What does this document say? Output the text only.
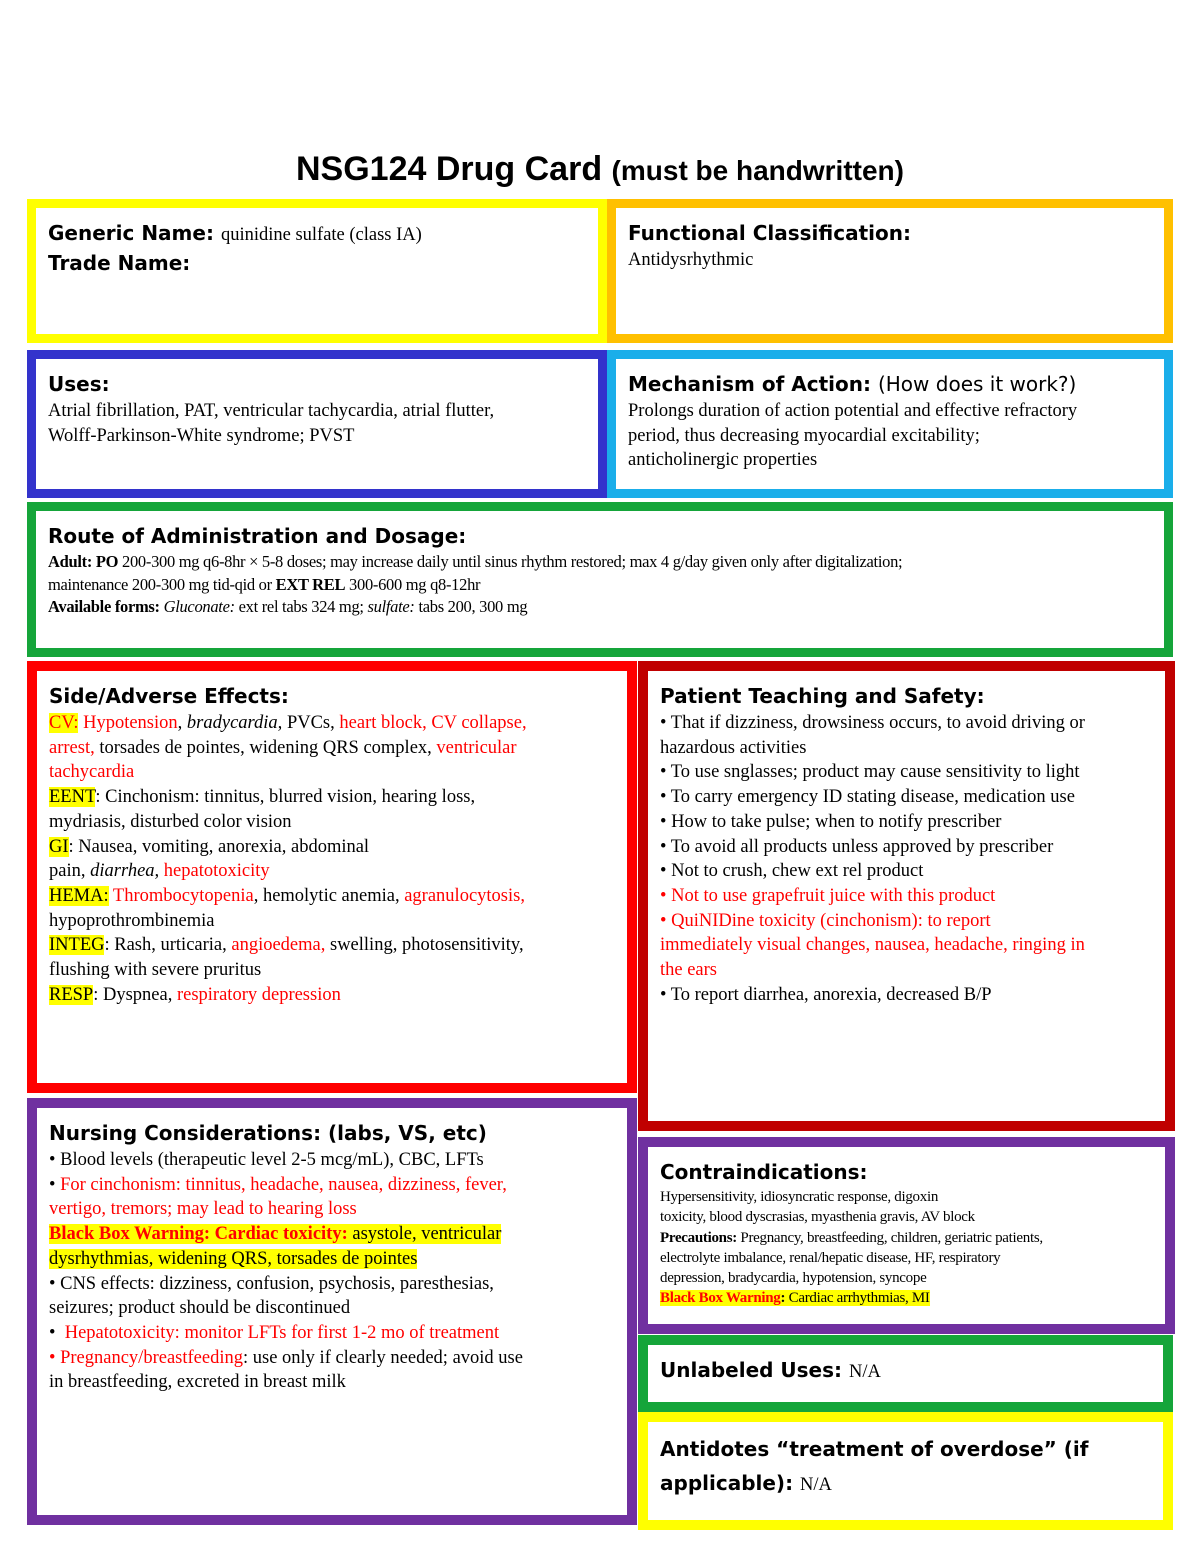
NSG124 Drug Card (must be handwritten)
Generic Name: quinidine sulfate (class IA)
Trade Name:
Functional Classification:
Antidysrhythmic
Uses:
Atrial fibrillation, PAT, ventricular tachycardia, atrial flutter,
Wolff-Parkinson-White syndrome; PVST
Mechanism of Action: (How does it work?)
Prolongs duration of action potential and effective refractory
period, thus decreasing myocardial excitability;
anticholinergic properties
Route of Administration and Dosage:
Adult: PO 200-300 mg q6-8hr × 5-8 doses; may increase daily until sinus rhythm restored; max 4 g/day given only after digitalization;
maintenance 200-300 mg tid-qid or EXT REL 300-600 mg q8-12hr
Available forms: Gluconate: ext rel tabs 324 mg; sulfate: tabs 200, 300 mg
Side/Adverse Effects:
CV: Hypotension, bradycardia, PVCs, heart block, CV collapse,
arrest, torsades de pointes, widening QRS complex, ventricular
tachycardia
EENT: Cinchonism: tinnitus, blurred vision, hearing loss,
mydriasis, disturbed color vision
GI: Nausea, vomiting, anorexia, abdominal
pain, diarrhea, hepatotoxicity
HEMA: Thrombocytopenia, hemolytic anemia, agranulocytosis,
hypoprothrombinemia
INTEG: Rash, urticaria, angioedema, swelling, photosensitivity,
flushing with severe pruritus
RESP: Dyspnea, respiratory depression
Patient Teaching and Safety:
• That if dizziness, drowsiness occurs, to avoid driving or
hazardous activities
• To use snglasses; product may cause sensitivity to light
• To carry emergency ID stating disease, medication use
• How to take pulse; when to notify prescriber
• To avoid all products unless approved by prescriber
• Not to crush, chew ext rel product
• Not to use grapefruit juice with this product
• QuiNIDine toxicity (cinchonism): to report
immediately visual changes, nausea, headache, ringing in
the ears
• To report diarrhea, anorexia, decreased B/P
Nursing Considerations: (labs, VS, etc)
• Blood levels (therapeutic level 2-5 mcg/mL), CBC, LFTs
• For cinchonism: tinnitus, headache, nausea, dizziness, fever,
vertigo, tremors; may lead to hearing loss
Black Box Warning: Cardiac toxicity: asystole, ventricular
dysrhythmias, widening QRS, torsades de pointes
• CNS effects: dizziness, confusion, psychosis, paresthesias,
seizures; product should be discontinued
• Hepatotoxicity: monitor LFTs for first 1-2 mo of treatment
• Pregnancy/breastfeeding: use only if clearly needed; avoid use
in breastfeeding, excreted in breast milk
Contraindications:
Hypersensitivity, idiosyncratic response, digoxin
toxicity, blood dyscrasias, myasthenia gravis, AV block
Precautions: Pregnancy, breastfeeding, children, geriatric patients,
electrolyte imbalance, renal/hepatic disease, HF, respiratory
depression, bradycardia, hypotension, syncope
Black Box Warning: Cardiac arrhythmias, MI
Unlabeled Uses: N/A
Antidotes “treatment of overdose” (if
applicable): N/A
